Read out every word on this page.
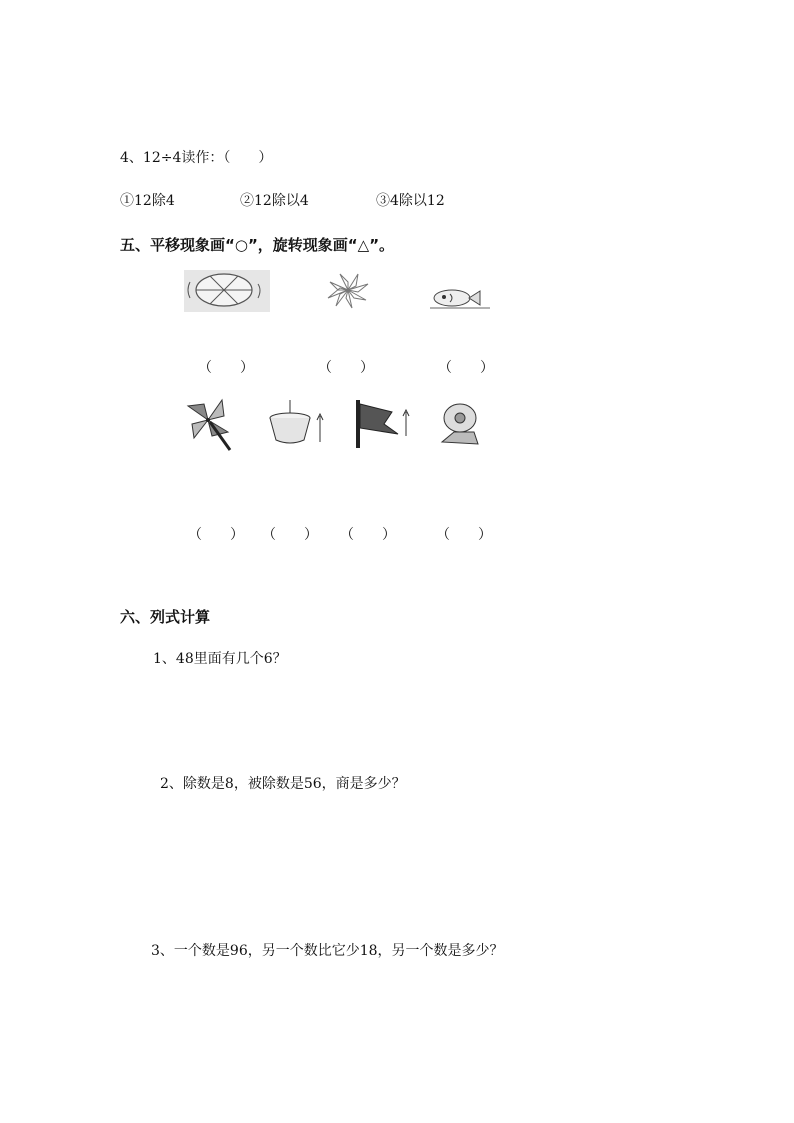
4、12÷4读作：（　　）
①12除4	②12除以4	③4除以12
五、平移现象画“○”，旋转现象画“△”。
（　　）	（　　）	（　　）
（　　） （　　） （　　）	（　　）
六、列式计算
1、48里面有几个6？
2、除数是8，被除数是56，商是多少？
3、一个数是96，另一个数比它少18，另一个数是多少？
